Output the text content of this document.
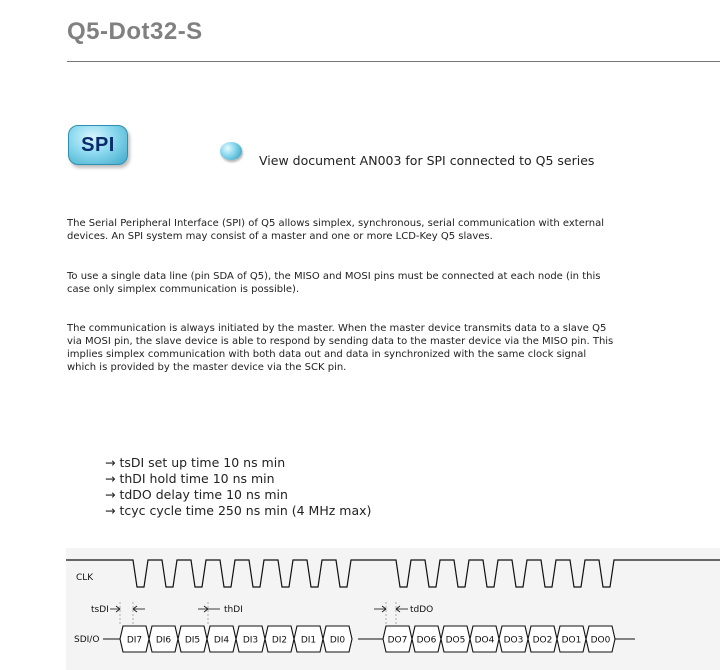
Q5-Dot32-S
SPI
View document AN003 for SPI connected to Q5 series
The Serial Peripheral Interface (SPI) of Q5 allows simplex, synchronous, serial communication with external
devices. An SPI system may consist of a master and one or more LCD-Key Q5 slaves.
To use a single data line (pin SDA of Q5), the MISO and MOSI pins must be connected at each node (in this
case only simplex communication is possible).
The communication is always initiated by the master. When the master device transmits data to a slave Q5
via MOSI pin, the slave device is able to respond by sending data to the master device via the MISO pin. This
implies simplex communication with both data out and data in synchronized with the same clock signal
which is provided by the master device via the SCK pin.
→ tsDI set up time 10 ns min
→ thDI hold time 10 ns min
→ tdDO delay time 10 ns min
→ tcyc cycle time 250 ns min (4 MHz max)
CLK
tsDI	thDI	tdDO
SDI/O	DI7 DI6 DI5 DI4 DI3 DI2 DI1 DI0	DO7 DO6 DO5 DO4 DO3 DO2 DO1 DO0
